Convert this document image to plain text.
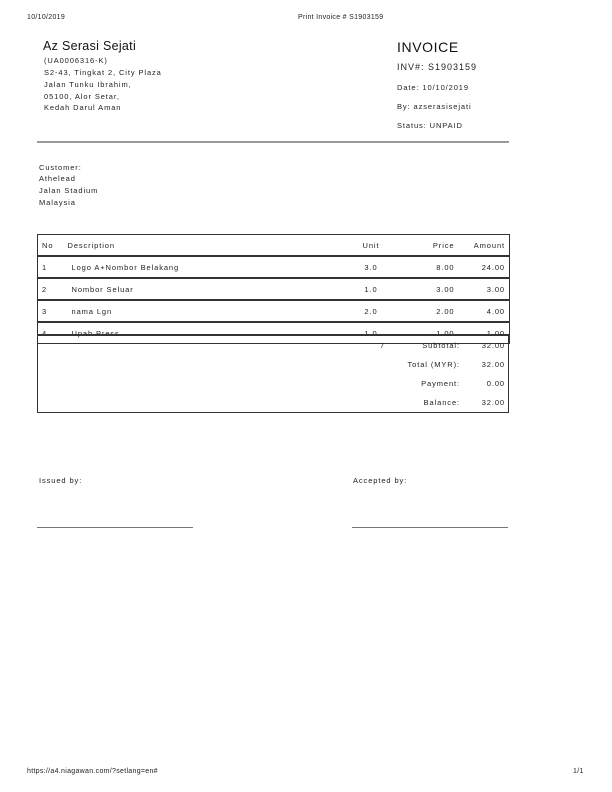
10/10/2019	Print Invoice # S1903159
Az Serasi Sejati
(UA0006316-K)
S2-43, Tingkat 2, City Plaza
Jalan Tunku Ibrahim,
05100, Alor Setar,
Kedah Darul Aman
INVOICE
INV#: S1903159
Date: 10/10/2019
By: azserasisejati
Status: UNPAID
Customer:
Athelead
Jalan Stadium
Malaysia
No	Description	Unit	Price	Amount
1	Logo A+Nombor Belakang	3.0	8.00	24.00
2	Nombor Seluar	1.0	3.00	3.00
3	nama Lgn	2.0	2.00	4.00
4	Upah Press	1.0	1.00	1.00
7	Subtotal:	32.00
Total (MYR):	32.00
Payment:	0.00
Balance:	32.00
Issued by:	Accepted by:
https://a4.niagawan.com/?setlang=en#	1/1
